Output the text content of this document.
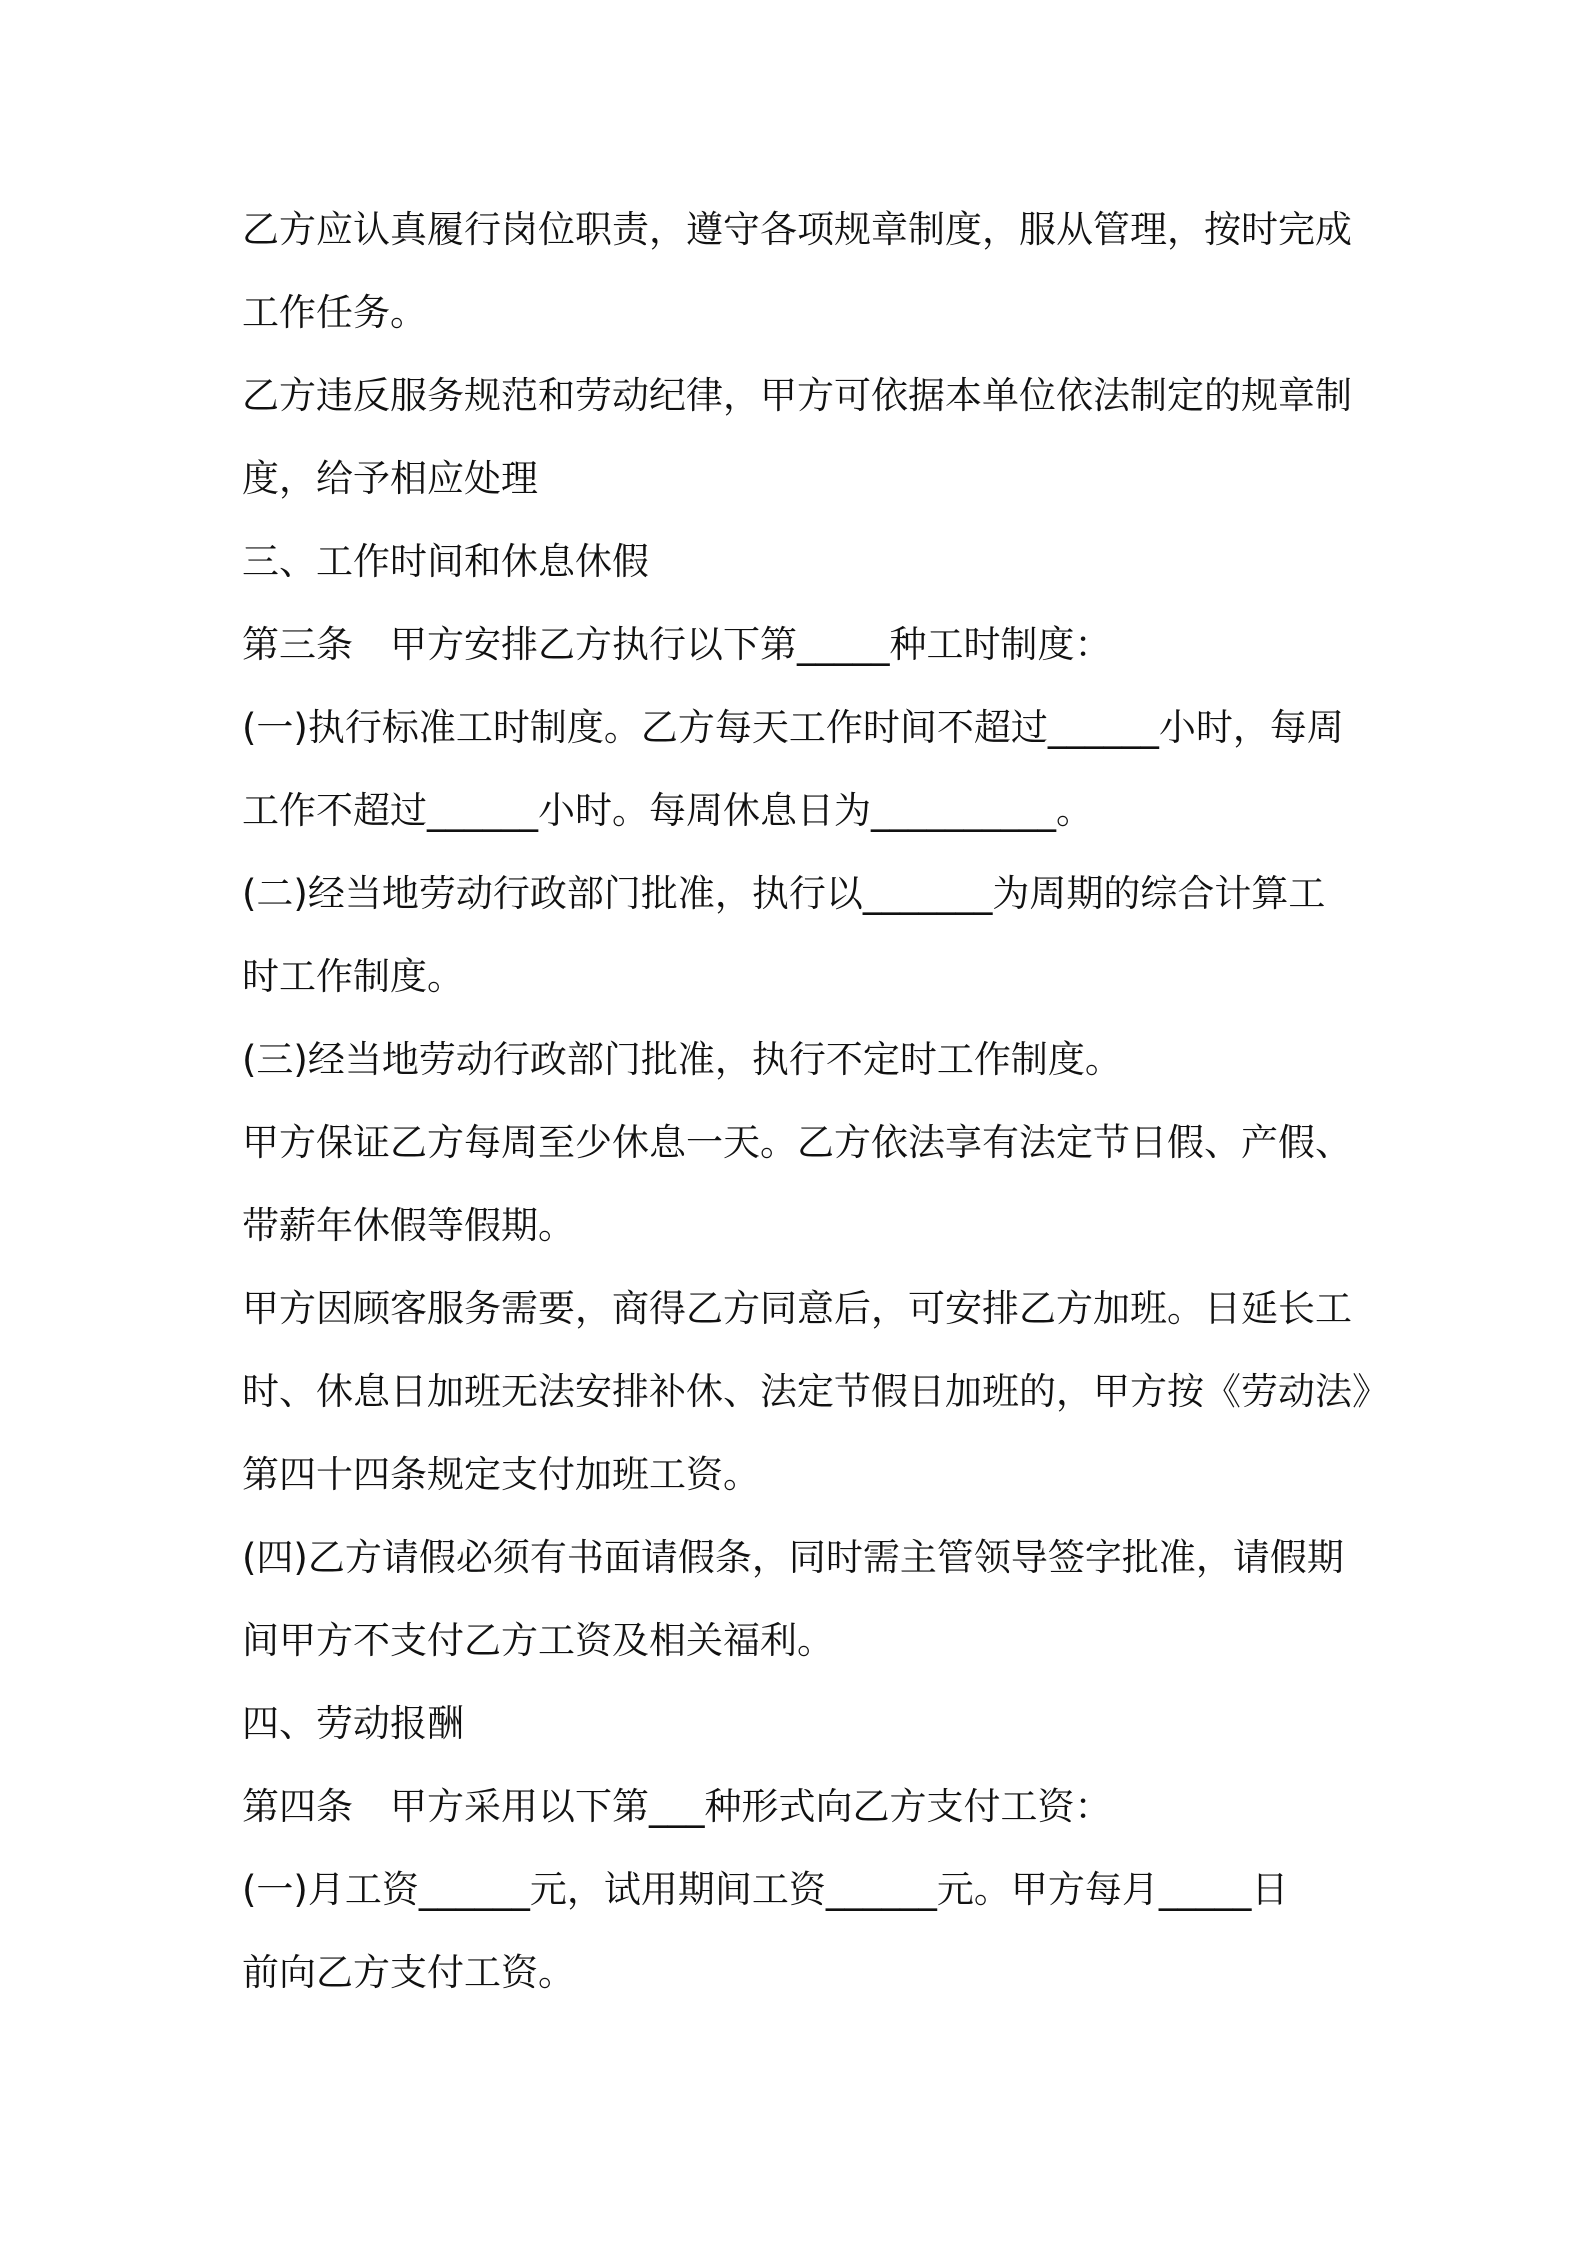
乙方应认真履行岗位职责，遵守各项规章制度，服从管理，按时完成
工作任务。
乙方违反服务规范和劳动纪律，甲方可依据本单位依法制定的规章制
度，给予相应处理
三、工作时间和休息休假
第三条　甲方安排乙方执行以下第_____种工时制度：
(一)执行标准工时制度。乙方每天工作时间不超过______小时，每周
工作不超过______小时。每周休息日为__________。
(二)经当地劳动行政部门批准，执行以_______为周期的综合计算工
时工作制度。
(三)经当地劳动行政部门批准，执行不定时工作制度。
甲方保证乙方每周至少休息一天。乙方依法享有法定节日假、产假、
带薪年休假等假期。
甲方因顾客服务需要，商得乙方同意后，可安排乙方加班。日延长工
时、休息日加班无法安排补休、法定节假日加班的，甲方按《劳动法》
第四十四条规定支付加班工资。
(四)乙方请假必须有书面请假条，同时需主管领导签字批准，请假期
间甲方不支付乙方工资及相关福利。
四、劳动报酬
第四条　甲方采用以下第___种形式向乙方支付工资：
(一)月工资______元，试用期间工资______元。甲方每月_____日
前向乙方支付工资。
